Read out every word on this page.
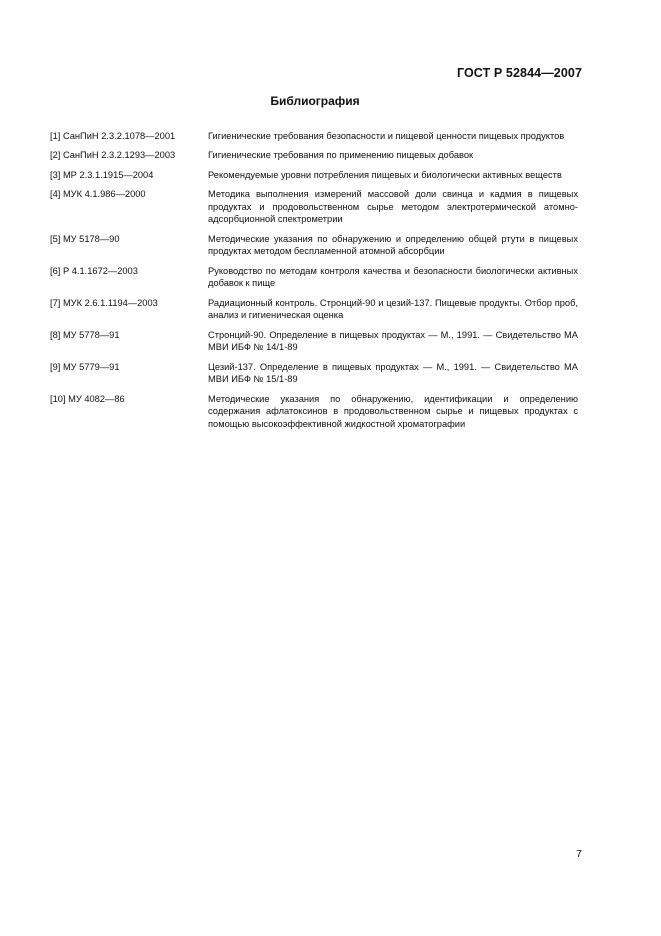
ГОСТ Р 52844—2007
Библиография
[1] СанПиН 2.3.2.1078—2001	Гигиенические требования безопасности и пищевой ценности пищевых продуктов
[2] СанПиН 2.3.2.1293—2003	Гигиенические требования по применению пищевых добавок
[3] МР 2.3.1.1915—2004	Рекомендуемые уровни потребления пищевых и биологически активных веществ
[4] МУК 4.1.986—2000	Методика выполнения измерений массовой доли свинца и кадмия в пищевых продуктах и продовольственном сырье методом электротермической атомно-адсорбционной спектрометрии
[5] МУ 5178—90	Методические указания по обнаружению и определению общей ртути в пищевых продуктах методом беспламенной атомной абсорбции
[6] Р 4.1.1672—2003	Руководство по методам контроля качества и безопасности биологически активных добавок к пище
[7] МУК 2.6.1.1194—2003	Радиационный контроль. Стронций-90 и цезий-137. Пищевые продукты. Отбор проб, анализ и гигиеническая оценка
[8] МУ 5778—91	Стронций-90. Определение в пищевых продуктах — М., 1991. — Свидетельство МА МВИ ИБФ № 14/1-89
[9] МУ 5779—91	Цезий-137. Определение в пищевых продуктах — М., 1991. — Свидетельство МА МВИ ИБФ № 15/1-89
[10] МУ 4082—86	Методические указания по обнаружению, идентификации и определению содержания афлатоксинов в продовольственном сырье и пищевых продуктах с помощью высокоэффективной жидкостной хроматографии
7
